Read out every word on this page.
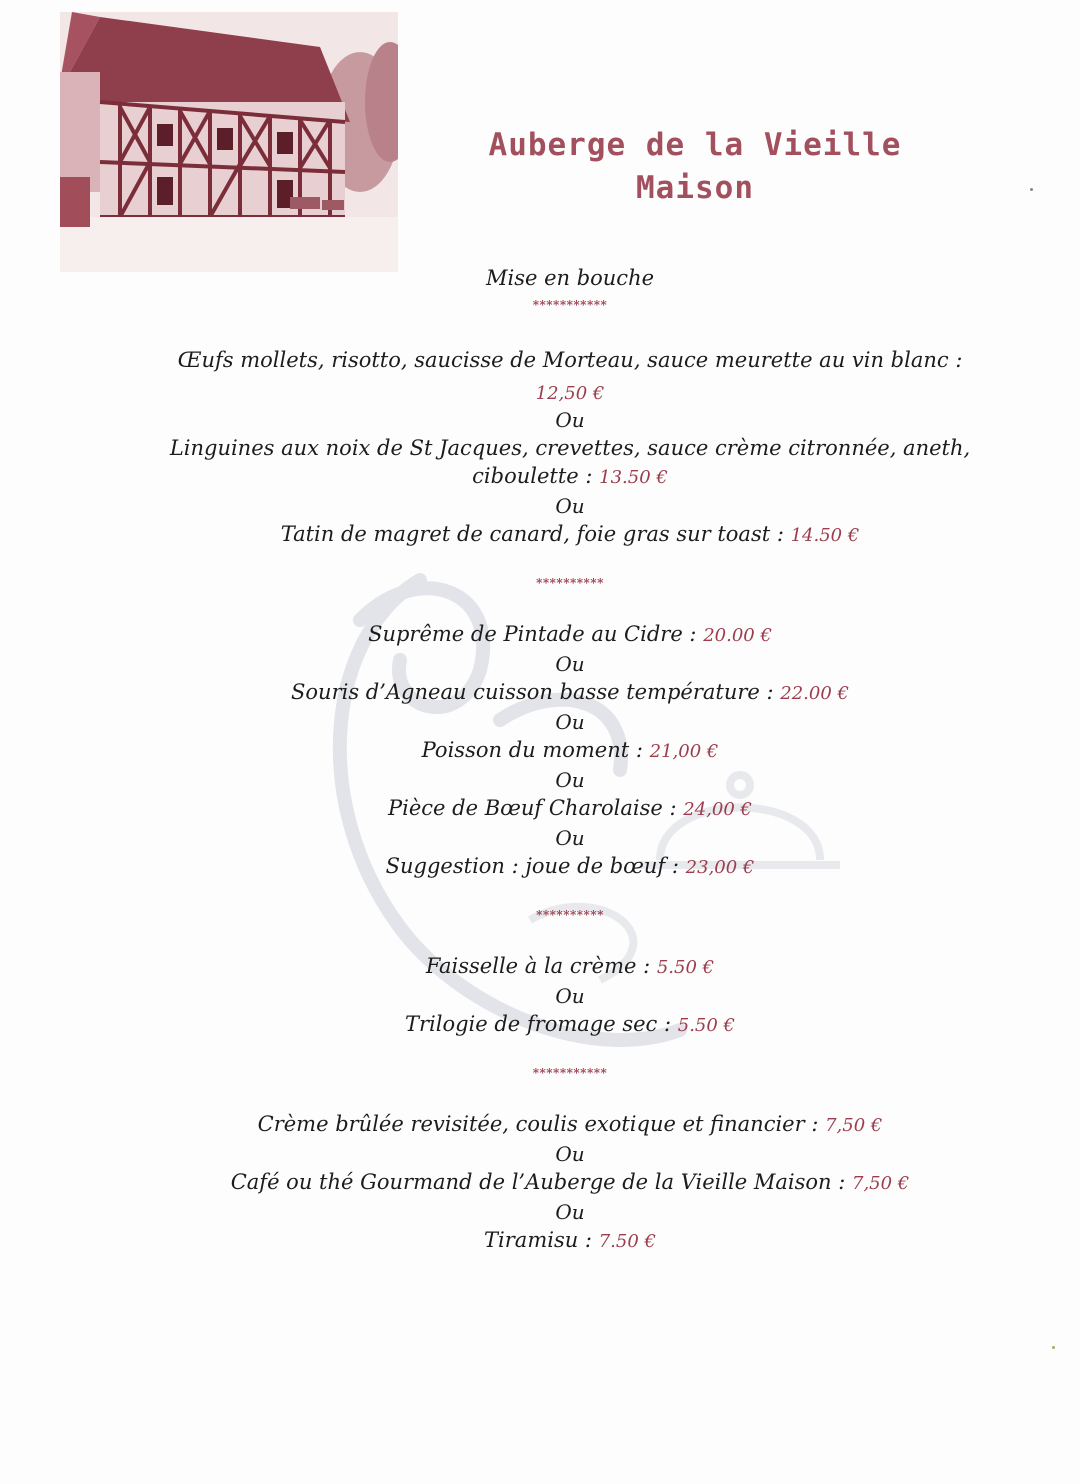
Auberge de la Vieille
Maison
Mise en bouche
***********
Œufs mollets, risotto, saucisse de Morteau, sauce meurette au vin blanc :
12,50 €
Ou
Linguines aux noix de St Jacques, crevettes, sauce crème citronnée, aneth,
ciboulette : 13.50 €
Ou
Tatin de magret de canard, foie gras sur toast : 14.50 €
**********
Suprême de Pintade au Cidre : 20.00 €
Ou
Souris d’Agneau cuisson basse température : 22.00 €
Ou
Poisson du moment : 21,00 €
Ou
Pièce de Bœuf Charolaise : 24,00 €
Ou
Suggestion : joue de bœuf : 23,00 €
**********
Faisselle à la crème : 5.50 €
Ou
Trilogie de fromage sec : 5.50 €
***********
Crème brûlée revisitée, coulis exotique et financier : 7,50 €
Ou
Café ou thé Gourmand de l’Auberge de la Vieille Maison : 7,50 €
Ou
Tiramisu : 7.50 €
